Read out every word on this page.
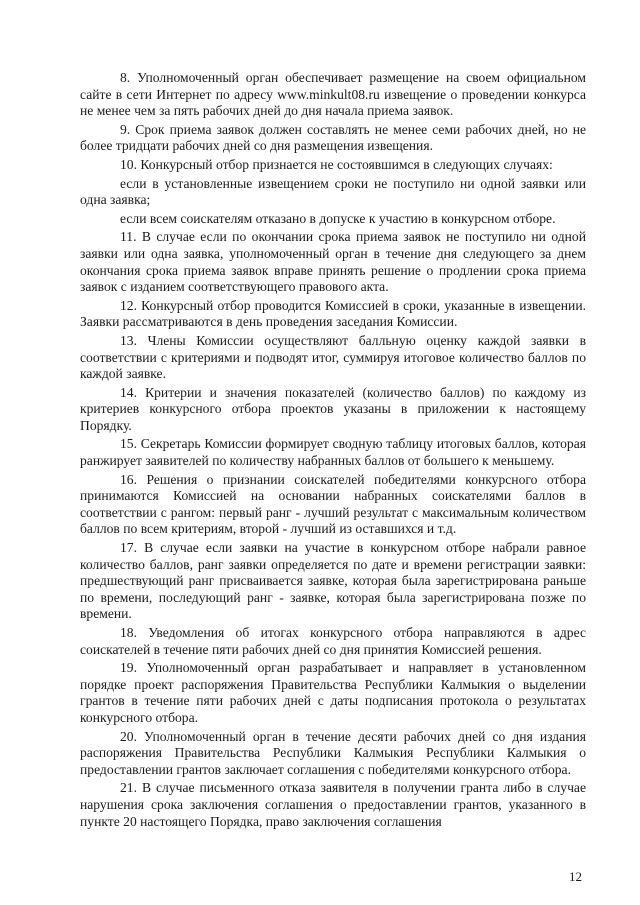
8. Уполномоченный орган обеспечивает размещение на своем официальном сайте в сети Интернет по адресу www.minkult08.ru извещение о проведении конкурса не менее чем за пять рабочих дней до дня начала приема заявок.

9. Срок приема заявок должен составлять не менее семи рабочих дней, но не более тридцати рабочих дней со дня размещения извещения.

10. Конкурсный отбор признается не состоявшимся в следующих случаях:

если в установленные извещением сроки не поступило ни одной заявки или одна заявка;

если всем соискателям отказано в допуске к участию в конкурсном отборе.

11. В случае если по окончании срока приема заявок не поступило ни одной заявки или одна заявка, уполномоченный орган в течение дня следующего за днем окончания срока приема заявок вправе принять решение о продлении срока приема заявок с изданием соответствующего правового акта.

12. Конкурсный отбор проводится Комиссией в сроки, указанные в извещении. Заявки рассматриваются в день проведения заседания Комиссии.

13. Члены Комиссии осуществляют балльную оценку каждой заявки в соответствии с критериями и подводят итог, суммируя итоговое количество баллов по каждой заявке.

14. Критерии и значения показателей (количество баллов) по каждому из критериев конкурсного отбора проектов указаны в приложении к настоящему Порядку.

15. Секретарь Комиссии формирует сводную таблицу итоговых баллов, которая ранжирует заявителей по количеству набранных баллов от большего к меньшему.

16. Решения о признании соискателей победителями конкурсного отбора принимаются Комиссией на основании набранных соискателями баллов в соответствии с рангом: первый ранг - лучший результат с максимальным количеством баллов по всем критериям, второй - лучший из оставшихся и т.д.

17. В случае если заявки на участие в конкурсном отборе набрали равное количество баллов, ранг заявки определяется по дате и времени регистрации заявки: предшествующий ранг присваивается заявке, которая была зарегистрирована раньше по времени, последующий ранг - заявке, которая была зарегистрирована позже по времени.

18. Уведомления об итогах конкурсного отбора направляются в адрес соискателей в течение пяти рабочих дней со дня принятия Комиссией решения.

19. Уполномоченный орган разрабатывает и направляет в установленном порядке проект распоряжения Правительства Республики Калмыкия о выделении грантов в течение пяти рабочих дней с даты подписания протокола о результатах конкурсного отбора.

20. Уполномоченный орган в течение десяти рабочих дней со дня издания распоряжения Правительства Республики Калмыкия Республики Калмыкия о предоставлении грантов заключает соглашения с победителями конкурсного отбора.

21. В случае письменного отказа заявителя в получении гранта либо в случае нарушения срока заключения соглашения о предоставлении грантов, указанного в пункте 20 настоящего Порядка, право заключения соглашения

12
